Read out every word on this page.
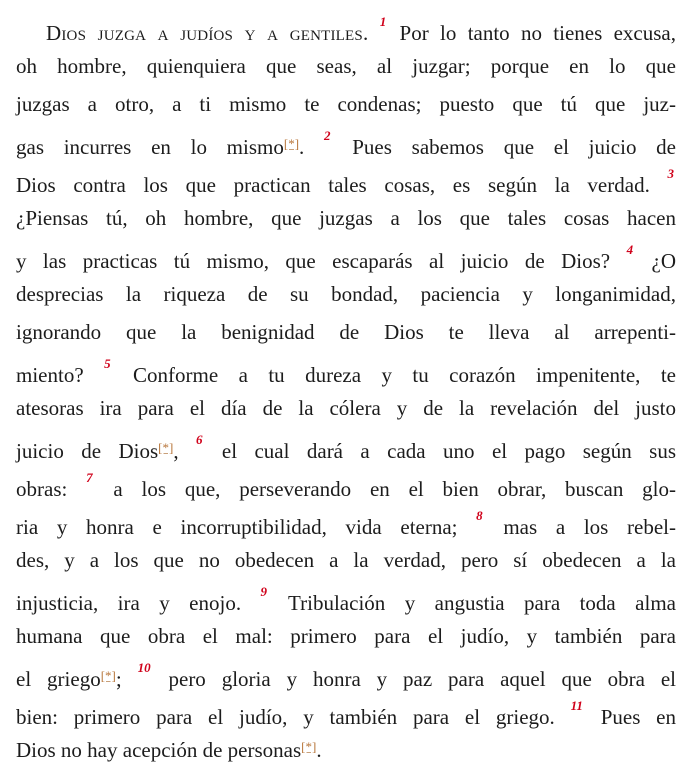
Dios juzga a judíos y a gentiles. $^1$ Por lo tanto no tienes excusa,
oh hombre, quienquiera que seas, al juzgar; porque en lo que
juzgas a otro, a ti mismo te condenas; puesto que tú que juz-
gas incurres en lo mismo[*]. $^2$ Pues sabemos que el juicio de
Dios contra los que practican tales cosas, es según la verdad. $^3$
¿Piensas tú, oh hombre, que juzgas a los que tales cosas hacen
y las practicas tú mismo, que escaparás al juicio de Dios? $^4$ ¿O
desprecias la riqueza de su bondad, paciencia y longanimidad,
ignorando que la benignidad de Dios te lleva al arrepenti-
miento? $^5$ Conforme a tu dureza y tu corazón impenitente, te
atesoras ira para el día de la cólera y de la revelación del justo
juicio de Dios[*], $^6$ el cual dará a cada uno el pago según sus
obras: $^7$ a los que, perseverando en el bien obrar, buscan glo-
ria y honra e incorruptibilidad, vida eterna; $^8$ mas a los rebel-
des, y a los que no obedecen a la verdad, pero sí obedecen a la
injusticia, ira y enojo. $^9$ Tribulación y angustia para toda alma
humana que obra el mal: primero para el judío, y también para
el griego[*]; $^{10}$ pero gloria y honra y paz para aquel que obra el
bien: primero para el judío, y también para el griego. $^{11}$ Pues en
Dios no hay acepción de personas[*].
